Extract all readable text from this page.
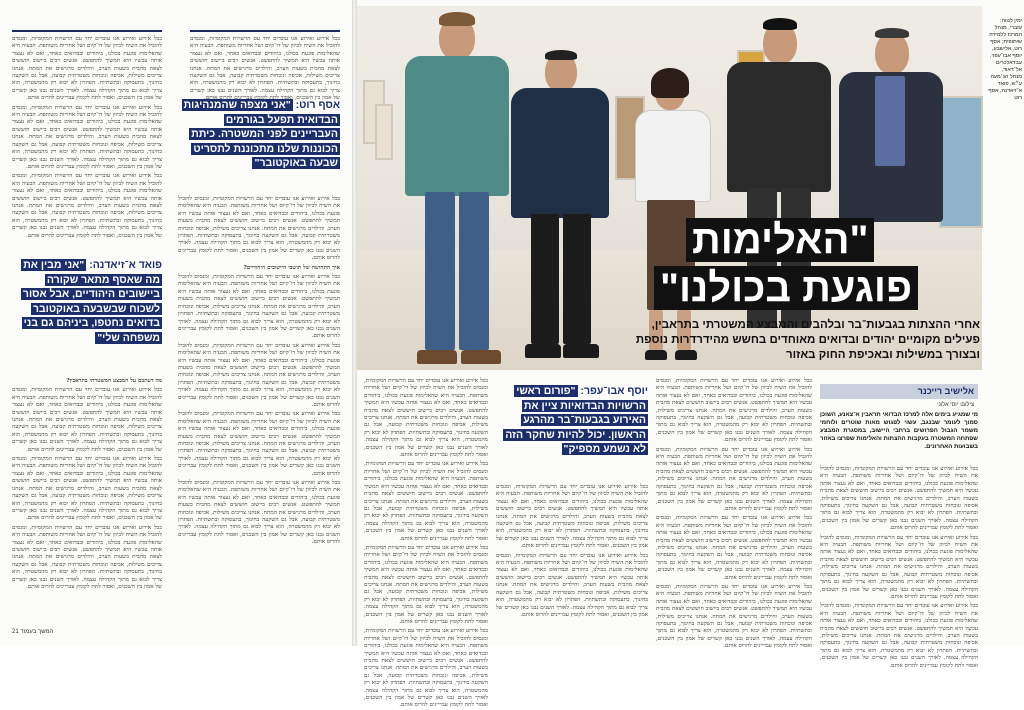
בכל אירוע ואירוע אנו עובדים יחד עם הרשויות המקומיות, ומנסים להוביל את השיח לכיוון של דו־קיום ושל אחריות משותפת. הבעיה היא שהאלימות פוגעת בכולנו, ביהודים ובבדואים כאחד, ואם לא נעצור אותה עכשיו היא תמשיך להתפשט. אנשים רבים ביישוב חוששים לצאת מהבית בשעות הערב, והילדים מרגישים את המתח. אנחנו צריכים משילות, אכיפה ונוכחות משטרתית קבועה, אבל גם השקעה בחינוך, בתעסוקה ובתשתיות. הפתרון לא יבוא רק מהמשטרה, הוא צריך לבוא גם מתוך הקהילה עצמה. לאורך השנים נבנו כאן קשרים של אמון בין השכנים, ואסור לתת לקומץ עבריינים להרוס אותם.

בכל אירוע ואירוע אנו עובדים יחד עם הרשויות המקומיות, ומנסים להוביל את השיח לכיוון של דו־קיום ושל אחריות משותפת. הבעיה היא שהאלימות פוגעת בכולנו, ביהודים ובבדואים כאחד, ואם לא נעצור אותה עכשיו היא תמשיך להתפשט. אנשים רבים ביישוב חוששים לצאת מהבית בשעות הערב, והילדים מרגישים את המתח. אנחנו צריכים משילות, אכיפה ונוכחות משטרתית קבועה, אבל גם השקעה בחינוך, בתעסוקה ובתשתיות. הפתרון לא יבוא רק מהמשטרה, הוא צריך לבוא גם מתוך הקהילה עצמה. לאורך השנים נבנו כאן קשרים של אמון בין השכנים, ואסור לתת לקומץ עבריינים להרוס אותם.

בכל אירוע ואירוע אנו עובדים יחד עם הרשויות המקומיות, ומנסים להוביל את השיח לכיוון של דו־קיום ושל אחריות משותפת. הבעיה היא שהאלימות פוגעת בכולנו, ביהודים ובבדואים כאחד, ואם לא נעצור אותה עכשיו היא תמשיך להתפשט. אנשים רבים ביישוב חוששים לצאת מהבית בשעות הערב, והילדים מרגישים את המתח. אנחנו צריכים משילות, אכיפה ונוכחות משטרתית קבועה, אבל גם השקעה בחינוך, בתעסוקה ובתשתיות. הפתרון לא יבוא רק מהמשטרה, הוא צריך לבוא גם מתוך הקהילה עצמה. לאורך השנים נבנו כאן קשרים של אמון בין השכנים, ואסור לתת לקומץ עבריינים להרוס אותם.

פואד א־זיאדנה: "אני מבין את מה שאסף מתאר שקורה ביישובים היהודיים, אבל אסור לשכוח שבשבעה באוקטובר בדואים נחטפו, ביניהם גם בני משפחה שלי"

מה דעתכם על המבצע המשטרתי בתראבין?

בכל אירוע ואירוע אנו עובדים יחד עם הרשויות המקומיות, ומנסים להוביל את השיח לכיוון של דו־קיום ושל אחריות משותפת. הבעיה היא שהאלימות פוגעת בכולנו, ביהודים ובבדואים כאחד, ואם לא נעצור אותה עכשיו היא תמשיך להתפשט. אנשים רבים ביישוב חוששים לצאת מהבית בשעות הערב, והילדים מרגישים את המתח. אנחנו צריכים משילות, אכיפה ונוכחות משטרתית קבועה, אבל גם השקעה בחינוך, בתעסוקה ובתשתיות. הפתרון לא יבוא רק מהמשטרה, הוא צריך לבוא גם מתוך הקהילה עצמה. לאורך השנים נבנו כאן קשרים של אמון בין השכנים, ואסור לתת לקומץ עבריינים להרוס אותם.

בכל אירוע ואירוע אנו עובדים יחד עם הרשויות המקומיות, ומנסים להוביל את השיח לכיוון של דו־קיום ושל אחריות משותפת. הבעיה היא שהאלימות פוגעת בכולנו, ביהודים ובבדואים כאחד, ואם לא נעצור אותה עכשיו היא תמשיך להתפשט. אנשים רבים ביישוב חוששים לצאת מהבית בשעות הערב, והילדים מרגישים את המתח. אנחנו צריכים משילות, אכיפה ונוכחות משטרתית קבועה, אבל גם השקעה בחינוך, בתעסוקה ובתשתיות. הפתרון לא יבוא רק מהמשטרה, הוא צריך לבוא גם מתוך הקהילה עצמה. לאורך השנים נבנו כאן קשרים של אמון בין השכנים, ואסור לתת לקומץ עבריינים להרוס אותם.

בכל אירוע ואירוע אנו עובדים יחד עם הרשויות המקומיות, ומנסים להוביל את השיח לכיוון של דו־קיום ושל אחריות משותפת. הבעיה היא שהאלימות פוגעת בכולנו, ביהודים ובבדואים כאחד, ואם לא נעצור אותה עכשיו היא תמשיך להתפשט. אנשים רבים ביישוב חוששים לצאת מהבית בשעות הערב, והילדים מרגישים את המתח. אנחנו צריכים משילות, אכיפה ונוכחות משטרתית קבועה, אבל גם השקעה בחינוך, בתעסוקה ובתשתיות. הפתרון לא יבוא רק מהמשטרה, הוא צריך לבוא גם מתוך הקהילה עצמה. לאורך השנים נבנו כאן קשרים של אמון בין השכנים, ואסור לתת לקומץ עבריינים להרוס אותם.

אסף רוט: "אני מצפה שהמנהיגות הבדואית תפעל בגורמים העבריינים לפני המשטרה. כיתת הכוננות שלנו מתכוננת לתסריט שבעה באוקטובר"

בכל אירוע ואירוע אנו עובדים יחד עם הרשויות המקומיות, ומנסים להוביל את השיח לכיוון של דו־קיום ושל אחריות משותפת. הבעיה היא שהאלימות פוגעת בכולנו, ביהודים ובבדואים כאחד, ואם לא נעצור אותה עכשיו היא תמשיך להתפשט. אנשים רבים ביישוב חוששים לצאת מהבית בשעות הערב, והילדים מרגישים את המתח. אנחנו צריכים משילות, אכיפה ונוכחות משטרתית קבועה, אבל גם השקעה בחינוך, בתעסוקה ובתשתיות. הפתרון לא יבוא רק מהמשטרה, הוא צריך לבוא גם מתוך הקהילה עצמה. לאורך השנים נבנו כאן קשרים של אמון בין השכנים, ואסור לתת לקומץ עבריינים להרוס אותם.

בכל אירוע ואירוע אנו עובדים יחד עם הרשויות המקומיות, ומנסים להוביל את השיח לכיוון של דו־קיום ושל אחריות משותפת. הבעיה היא שהאלימות פוגעת בכולנו, ביהודים ובבדואים כאחד, ואם לא נעצור אותה עכשיו היא תמשיך להתפשט. אנשים רבים ביישוב חוששים לצאת מהבית בשעות הערב, והילדים מרגישים את המתח. אנחנו צריכים משילות, אכיפה ונוכחות משטרתית קבועה, אבל גם השקעה בחינוך, בתעסוקה ובתשתיות. הפתרון לא יבוא רק מהמשטרה, הוא צריך לבוא גם מתוך הקהילה עצמה. לאורך השנים נבנו כאן קשרים של אמון בין השכנים, ואסור לתת לקומץ עבריינים להרוס אותם.

איך התחושה של תושבי היישובים היהודיים?

בכל אירוע ואירוע אנו עובדים יחד עם הרשויות המקומיות, ומנסים להוביל את השיח לכיוון של דו־קיום ושל אחריות משותפת. הבעיה היא שהאלימות פוגעת בכולנו, ביהודים ובבדואים כאחד, ואם לא נעצור אותה עכשיו היא תמשיך להתפשט. אנשים רבים ביישוב חוששים לצאת מהבית בשעות הערב, והילדים מרגישים את המתח. אנחנו צריכים משילות, אכיפה ונוכחות משטרתית קבועה, אבל גם השקעה בחינוך, בתעסוקה ובתשתיות. הפתרון לא יבוא רק מהמשטרה, הוא צריך לבוא גם מתוך הקהילה עצמה. לאורך השנים נבנו כאן קשרים של אמון בין השכנים, ואסור לתת לקומץ עבריינים להרוס אותם.

בכל אירוע ואירוע אנו עובדים יחד עם הרשויות המקומיות, ומנסים להוביל את השיח לכיוון של דו־קיום ושל אחריות משותפת. הבעיה היא שהאלימות פוגעת בכולנו, ביהודים ובבדואים כאחד, ואם לא נעצור אותה עכשיו היא תמשיך להתפשט. אנשים רבים ביישוב חוששים לצאת מהבית בשעות הערב, והילדים מרגישים את המתח. אנחנו צריכים משילות, אכיפה ונוכחות משטרתית קבועה, אבל גם השקעה בחינוך, בתעסוקה ובתשתיות. הפתרון לא יבוא רק מהמשטרה, הוא צריך לבוא גם מתוך הקהילה עצמה. לאורך השנים נבנו כאן קשרים של אמון בין השכנים, ואסור לתת לקומץ עבריינים להרוס אותם.

בכל אירוע ואירוע אנו עובדים יחד עם הרשויות המקומיות, ומנסים להוביל את השיח לכיוון של דו־קיום ושל אחריות משותפת. הבעיה היא שהאלימות פוגעת בכולנו, ביהודים ובבדואים כאחד, ואם לא נעצור אותה עכשיו היא תמשיך להתפשט. אנשים רבים ביישוב חוששים לצאת מהבית בשעות הערב, והילדים מרגישים את המתח. אנחנו צריכים משילות, אכיפה ונוכחות משטרתית קבועה, אבל גם השקעה בחינוך, בתעסוקה ובתשתיות. הפתרון לא יבוא רק מהמשטרה, הוא צריך לבוא גם מתוך הקהילה עצמה. לאורך השנים נבנו כאן קשרים של אמון בין השכנים, ואסור לתת לקומץ עבריינים להרוס אותם.

בכל אירוע ואירוע אנו עובדים יחד עם הרשויות המקומיות, ומנסים להוביל את השיח לכיוון של דו־קיום ושל אחריות משותפת. הבעיה היא שהאלימות פוגעת בכולנו, ביהודים ובבדואים כאחד, ואם לא נעצור אותה עכשיו היא תמשיך להתפשט. אנשים רבים ביישוב חוששים לצאת מהבית בשעות הערב, והילדים מרגישים את המתח. אנחנו צריכים משילות, אכיפה ונוכחות משטרתית קבועה, אבל גם השקעה בחינוך, בתעסוקה ובתשתיות. הפתרון לא יבוא רק מהמשטרה, הוא צריך לבוא גם מתוך הקהילה עצמה. לאורך השנים נבנו כאן קשרים של אמון בין השכנים, ואסור לתת לקומץ עבריינים להרוס אותם.

המשך בעמוד 21
"האלימות
פוגעת בכולנו"
אחרי ההצתות בגבעות־בר ובלהבים והמבצע המשטרתי בתראבין,
פעילים מקומיים יהודים ובדואים מאוחדים בחשש מהידרדרות נוספת
ובצורך במשילות ובאכיפת החוק באזור
ימין לנווה: עזברי, מנהל המרכז ללמידה שיתופית; אסף רוט, אלישבע, יוסף אבו־עפר, עבדאלכרים אל־דאוד, מנהל הג׳מעה ע״ש, פואד א־זיאדנה, אסף רוט
אלישיב רייכנר
צילום: יוסי אלוני
מי שמגיע בימים אלה למרכז הבדואי תראבין א־צאנע, השוכן סמוך לעומר שבנגב, עשוי לפגוש מאות שוטרים ולוחמי משמר הגבול הפרושים ברחבי היישוב, במסגרת המבצע שפתחה המשטרה בעקבות ההצתות והאלימות שפרצו באזור בשבועות האחרונים.

בכל אירוע ואירוע אנו עובדים יחד עם הרשויות המקומיות, ומנסים להוביל את השיח לכיוון של דו־קיום ושל אחריות משותפת. הבעיה היא שהאלימות פוגעת בכולנו, ביהודים ובבדואים כאחד, ואם לא נעצור אותה עכשיו היא תמשיך להתפשט. אנשים רבים ביישוב חוששים לצאת מהבית בשעות הערב, והילדים מרגישים את המתח. אנחנו צריכים משילות, אכיפה ונוכחות משטרתית קבועה, אבל גם השקעה בחינוך, בתעסוקה ובתשתיות. הפתרון לא יבוא רק מהמשטרה, הוא צריך לבוא גם מתוך הקהילה עצמה. לאורך השנים נבנו כאן קשרים של אמון בין השכנים, ואסור לתת לקומץ עבריינים להרוס אותם.

בכל אירוע ואירוע אנו עובדים יחד עם הרשויות המקומיות, ומנסים להוביל את השיח לכיוון של דו־קיום ושל אחריות משותפת. הבעיה היא שהאלימות פוגעת בכולנו, ביהודים ובבדואים כאחד, ואם לא נעצור אותה עכשיו היא תמשיך להתפשט. אנשים רבים ביישוב חוששים לצאת מהבית בשעות הערב, והילדים מרגישים את המתח. אנחנו צריכים משילות, אכיפה ונוכחות משטרתית קבועה, אבל גם השקעה בחינוך, בתעסוקה ובתשתיות. הפתרון לא יבוא רק מהמשטרה, הוא צריך לבוא גם מתוך הקהילה עצמה. לאורך השנים נבנו כאן קשרים של אמון בין השכנים, ואסור לתת לקומץ עבריינים להרוס אותם.

בכל אירוע ואירוע אנו עובדים יחד עם הרשויות המקומיות, ומנסים להוביל את השיח לכיוון של דו־קיום ושל אחריות משותפת. הבעיה היא שהאלימות פוגעת בכולנו, ביהודים ובבדואים כאחד, ואם לא נעצור אותה עכשיו היא תמשיך להתפשט. אנשים רבים ביישוב חוששים לצאת מהבית בשעות הערב, והילדים מרגישים את המתח. אנחנו צריכים משילות, אכיפה ונוכחות משטרתית קבועה, אבל גם השקעה בחינוך, בתעסוקה ובתשתיות. הפתרון לא יבוא רק מהמשטרה, הוא צריך לבוא גם מתוך הקהילה עצמה. לאורך השנים נבנו כאן קשרים של אמון בין השכנים, ואסור לתת לקומץ עבריינים להרוס אותם.

בכל אירוע ואירוע אנו עובדים יחד עם הרשויות המקומיות, ומנסים להוביל את השיח לכיוון של דו־קיום ושל אחריות משותפת. הבעיה היא שהאלימות פוגעת בכולנו, ביהודים ובבדואים כאחד, ואם לא נעצור אותה עכשיו היא תמשיך להתפשט. אנשים רבים ביישוב חוששים לצאת מהבית בשעות הערב, והילדים מרגישים את המתח. אנחנו צריכים משילות, אכיפה ונוכחות משטרתית קבועה, אבל גם השקעה בחינוך, בתעסוקה ובתשתיות. הפתרון לא יבוא רק מהמשטרה, הוא צריך לבוא גם מתוך הקהילה עצמה. לאורך השנים נבנו כאן קשרים של אמון בין השכנים, ואסור לתת לקומץ עבריינים להרוס אותם.

בכל אירוע ואירוע אנו עובדים יחד עם הרשויות המקומיות, ומנסים להוביל את השיח לכיוון של דו־קיום ושל אחריות משותפת. הבעיה היא שהאלימות פוגעת בכולנו, ביהודים ובבדואים כאחד, ואם לא נעצור אותה עכשיו היא תמשיך להתפשט. אנשים רבים ביישוב חוששים לצאת מהבית בשעות הערב, והילדים מרגישים את המתח. אנחנו צריכים משילות, אכיפה ונוכחות משטרתית קבועה, אבל גם השקעה בחינוך, בתעסוקה ובתשתיות. הפתרון לא יבוא רק מהמשטרה, הוא צריך לבוא גם מתוך הקהילה עצמה. לאורך השנים נבנו כאן קשרים של אמון בין השכנים, ואסור לתת לקומץ עבריינים להרוס אותם.

בכל אירוע ואירוע אנו עובדים יחד עם הרשויות המקומיות, ומנסים להוביל את השיח לכיוון של דו־קיום ושל אחריות משותפת. הבעיה היא שהאלימות פוגעת בכולנו, ביהודים ובבדואים כאחד, ואם לא נעצור אותה עכשיו היא תמשיך להתפשט. אנשים רבים ביישוב חוששים לצאת מהבית בשעות הערב, והילדים מרגישים את המתח. אנחנו צריכים משילות, אכיפה ונוכחות משטרתית קבועה, אבל גם השקעה בחינוך, בתעסוקה ובתשתיות. הפתרון לא יבוא רק מהמשטרה, הוא צריך לבוא גם מתוך הקהילה עצמה. לאורך השנים נבנו כאן קשרים של אמון בין השכנים, ואסור לתת לקומץ עבריינים להרוס אותם.

בכל אירוע ואירוע אנו עובדים יחד עם הרשויות המקומיות, ומנסים להוביל את השיח לכיוון של דו־קיום ושל אחריות משותפת. הבעיה היא שהאלימות פוגעת בכולנו, ביהודים ובבדואים כאחד, ואם לא נעצור אותה עכשיו היא תמשיך להתפשט. אנשים רבים ביישוב חוששים לצאת מהבית בשעות הערב, והילדים מרגישים את המתח. אנחנו צריכים משילות, אכיפה ונוכחות משטרתית קבועה, אבל גם השקעה בחינוך, בתעסוקה ובתשתיות. הפתרון לא יבוא רק מהמשטרה, הוא צריך לבוא גם מתוך הקהילה עצמה. לאורך השנים נבנו כאן קשרים של אמון בין השכנים, ואסור לתת לקומץ עבריינים להרוס אותם.

בכל אירוע ואירוע אנו עובדים יחד עם הרשויות המקומיות, ומנסים להוביל את השיח לכיוון של דו־קיום ושל אחריות משותפת. הבעיה היא שהאלימות פוגעת בכולנו, ביהודים ובבדואים כאחד, ואם לא נעצור אותה עכשיו היא תמשיך להתפשט. אנשים רבים ביישוב חוששים לצאת מהבית בשעות הערב, והילדים מרגישים את המתח. אנחנו צריכים משילות, אכיפה ונוכחות משטרתית קבועה, אבל גם השקעה בחינוך, בתעסוקה ובתשתיות. הפתרון לא יבוא רק מהמשטרה, הוא צריך לבוא גם מתוך הקהילה עצמה. לאורך השנים נבנו כאן קשרים של אמון בין השכנים, ואסור לתת לקומץ עבריינים להרוס אותם.

בכל אירוע ואירוע אנו עובדים יחד עם הרשויות המקומיות, ומנסים להוביל את השיח לכיוון של דו־קיום ושל אחריות משותפת. הבעיה היא שהאלימות פוגעת בכולנו, ביהודים ובבדואים כאחד, ואם לא נעצור אותה עכשיו היא תמשיך להתפשט. אנשים רבים ביישוב חוששים לצאת מהבית בשעות הערב, והילדים מרגישים את המתח. אנחנו צריכים משילות, אכיפה ונוכחות משטרתית קבועה, אבל גם השקעה בחינוך, בתעסוקה ובתשתיות. הפתרון לא יבוא רק מהמשטרה, הוא צריך לבוא גם מתוך הקהילה עצמה. לאורך השנים נבנו כאן קשרים של אמון בין השכנים, ואסור לתת לקומץ עבריינים להרוס אותם.

בכל אירוע ואירוע אנו עובדים יחד עם הרשויות המקומיות, ומנסים להוביל את השיח לכיוון של דו־קיום ושל אחריות משותפת. הבעיה היא שהאלימות פוגעת בכולנו, ביהודים ובבדואים כאחד, ואם לא נעצור אותה עכשיו היא תמשיך להתפשט. אנשים רבים ביישוב חוששים לצאת מהבית בשעות הערב, והילדים מרגישים את המתח. אנחנו צריכים משילות, אכיפה ונוכחות משטרתית קבועה, אבל גם השקעה בחינוך, בתעסוקה ובתשתיות. הפתרון לא יבוא רק מהמשטרה, הוא צריך לבוא גם מתוך הקהילה עצמה. לאורך השנים נבנו כאן קשרים של אמון בין השכנים, ואסור לתת לקומץ עבריינים להרוס אותם.

בכל אירוע ואירוע אנו עובדים יחד עם הרשויות המקומיות, ומנסים להוביל את השיח לכיוון של דו־קיום ושל אחריות משותפת. הבעיה היא שהאלימות פוגעת בכולנו, ביהודים ובבדואים כאחד, ואם לא נעצור אותה עכשיו היא תמשיך להתפשט. אנשים רבים ביישוב חוששים לצאת מהבית בשעות הערב, והילדים מרגישים את המתח. אנחנו צריכים משילות, אכיפה ונוכחות משטרתית קבועה, אבל גם השקעה בחינוך, בתעסוקה ובתשתיות. הפתרון לא יבוא רק מהמשטרה, הוא צריך לבוא גם מתוך הקהילה עצמה. לאורך השנים נבנו כאן קשרים של אמון בין השכנים, ואסור לתת לקומץ עבריינים להרוס אותם.

בכל אירוע ואירוע אנו עובדים יחד עם הרשויות המקומיות, ומנסים להוביל את השיח לכיוון של דו־קיום ושל אחריות משותפת. הבעיה היא שהאלימות פוגעת בכולנו, ביהודים ובבדואים כאחד, ואם לא נעצור אותה עכשיו היא תמשיך להתפשט. אנשים רבים ביישוב חוששים לצאת מהבית בשעות הערב, והילדים מרגישים את המתח. אנחנו צריכים משילות, אכיפה ונוכחות משטרתית קבועה, אבל גם השקעה בחינוך, בתעסוקה ובתשתיות. הפתרון לא יבוא רק מהמשטרה, הוא צריך לבוא גם מתוך הקהילה עצמה. לאורך השנים נבנו כאן קשרים של אמון בין השכנים, ואסור לתת לקומץ עבריינים להרוס אותם.

בכל אירוע ואירוע אנו עובדים יחד עם הרשויות המקומיות, ומנסים להוביל את השיח לכיוון של דו־קיום ושל אחריות משותפת. הבעיה היא שהאלימות פוגעת בכולנו, ביהודים ובבדואים כאחד, ואם לא נעצור אותה עכשיו היא תמשיך להתפשט. אנשים רבים ביישוב חוששים לצאת מהבית בשעות הערב, והילדים מרגישים את המתח. אנחנו צריכים משילות, אכיפה ונוכחות משטרתית קבועה, אבל גם השקעה בחינוך, בתעסוקה ובתשתיות. הפתרון לא יבוא רק מהמשטרה, הוא צריך לבוא גם מתוך הקהילה עצמה. לאורך השנים נבנו כאן קשרים של אמון בין השכנים, ואסור לתת לקומץ עבריינים להרוס אותם.

יוסף אבו־עפר: "פורום ראשי הרשויות הבדואיות ציין את האירוע בגבעות־בר מהרגע הראשון. יכול להיות שחקר הזה לא נשמע מספיק"
